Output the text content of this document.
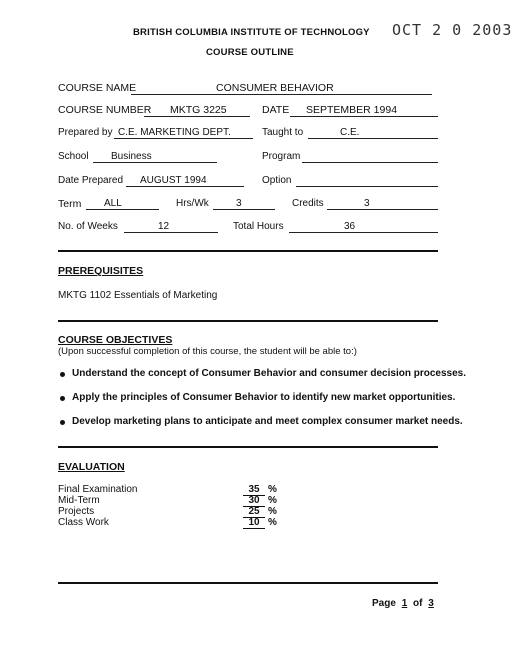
BRITISH COLUMBIA INSTITUTE OF TECHNOLOGY OCT 2 0 2003
COURSE OUTLINE
COURSE NAME	CONSUMER BEHAVIOR
COURSE NUMBER MKTG 3225	DATE SEPTEMBER 1994
Prepared by C.E. MARKETING DEPT.	Taught to	C.E.
School Business	Program
Date Prepared AUGUST 1994	Option
Term ALL	Hrs/Wk	3	Credits	3
No. of Weeks	12	Total Hours	36
PREREQUISITES
MKTG 1102 Essentials of Marketing
COURSE OBJECTIVES
(Upon successful completion of this course, the student will be able to:)
Understand the concept of Consumer Behavior and consumer decision processes.
Apply the principles of Consumer Behavior to identify new market opportunities.
Develop marketing plans to anticipate and meet complex consumer market needs.
EVALUATION
Final Examination	35 %
Mid-Term	30 %
Projects	25 %
Class Work	10 %
Page 1 of 3
